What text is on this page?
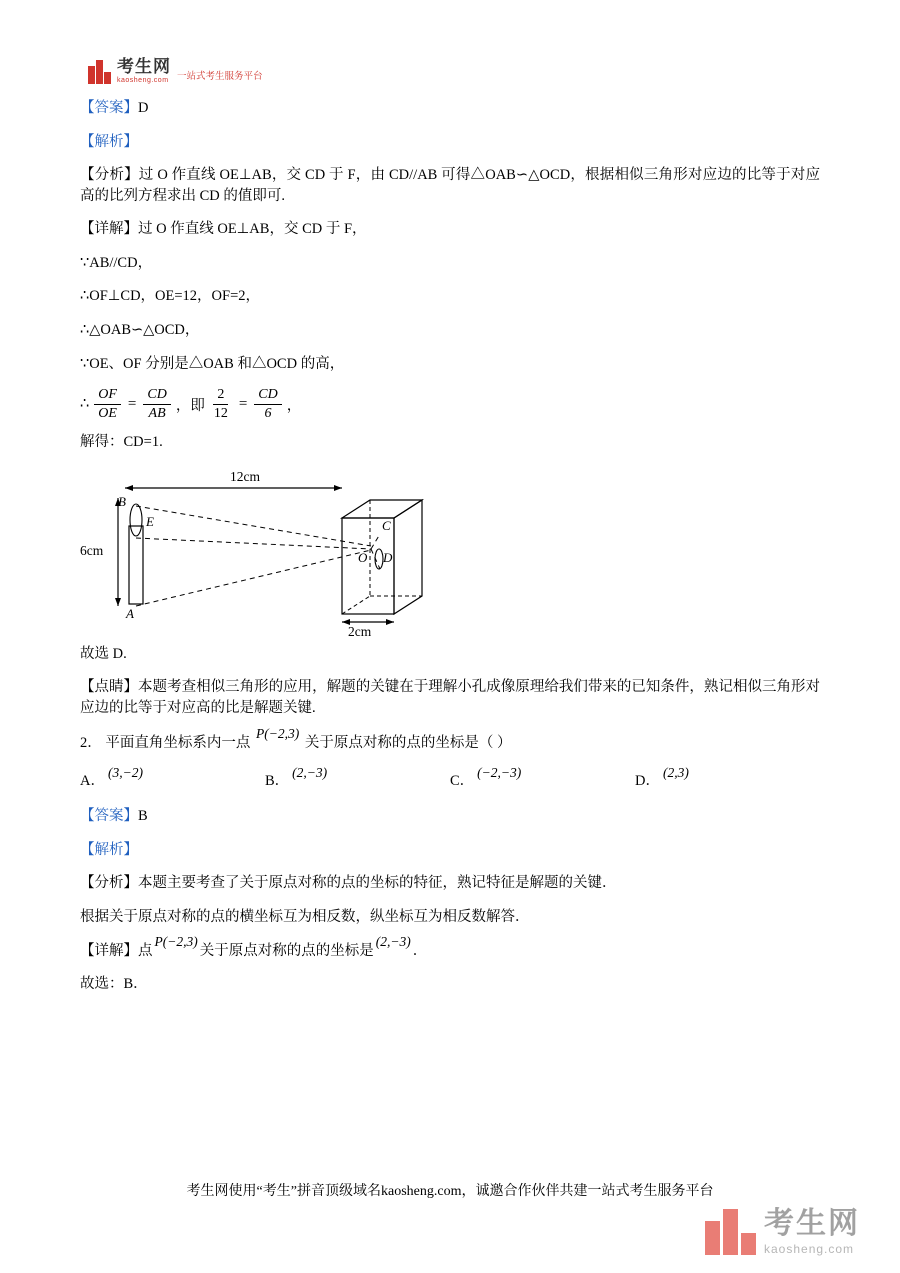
考生网
kaosheng.com 一站式考生服务平台

【答案】D

【解析】

【分析】过 O 作直线 OE⊥AB，交 CD 于 F，由 CD//AB 可得△OAB∽△OCD，根据相似三角形对应边的比等于对应高的比列方程求出 CD 的值即可.

【详解】过 O 作直线 OE⊥AB，交 CD 于 F，

∵AB//CD，

∴OF⊥CD，OE=12，OF=2，

∴△OAB∽△OCD，

∵OE、OF 分别是△OAB 和△OCD 的高，

∴ $\frac{OF}{OE} = \frac{CD}{AB}$ ，即 $\frac{2}{12} = \frac{CD}{6}$ ，

解得：CD=1.

12cm
6cm
2cm
B
E
A
C
O D

故选 D.

【点睛】本题考查相似三角形的应用，解题的关键在于理解小孔成像原理给我们带来的已知条件，熟记相似三角形对应边的比等于对应高的比是解题关键.

2． 平面直角坐标系内一点 P(−2,3) 关于原点对称的点的坐标是（ ）

A．(3,−2)
B．(2,−3)
C．(−2,−3)
D．(2,3)

【答案】B

【解析】

【分析】本题主要考查了关于原点对称的点的坐标的特征，熟记特征是解题的关键．

根据关于原点对称的点的横坐标互为相反数，纵坐标互为相反数解答．

【详解】点P(−2,3)关于原点对称的点的坐标是(2,−3)．

故选：B．

考生网使用“考生”拼音顶级域名kaosheng.com，诚邀合作伙伴共建一站式考生服务平台
考生网
kaosheng.com
